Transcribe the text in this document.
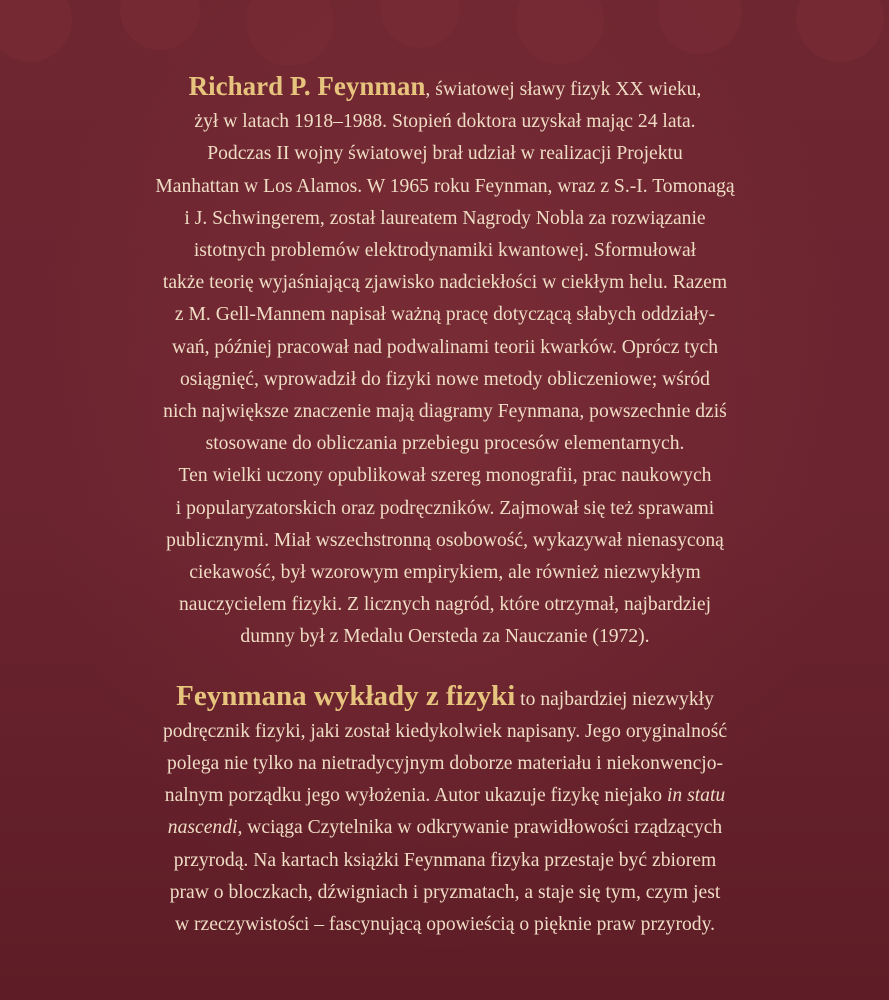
Richard P. Feynman, światowej sławy fizyk XX wieku,
żył w latach 1918–1988. Stopień doktora uzyskał mając 24 lata.
Podczas II wojny światowej brał udział w realizacji Projektu
Manhattan w Los Alamos. W 1965 roku Feynman, wraz z S.-I. Tomonagą
i J. Schwingerem, został laureatem Nagrody Nobla za rozwiązanie
istotnych problemów elektrodynamiki kwantowej. Sformułował
także teorię wyjaśniającą zjawisko nadciekłości w ciekłym helu. Razem
z M. Gell-Mannem napisał ważną pracę dotyczącą słabych oddziały-
wań, później pracował nad podwalinami teorii kwarków. Oprócz tych
osiągnięć, wprowadził do fizyki nowe metody obliczeniowe; wśród
nich największe znaczenie mają diagramy Feynmana, powszechnie dziś
stosowane do obliczania przebiegu procesów elementarnych.
Ten wielki uczony opublikował szereg monografii, prac naukowych
i popularyzatorskich oraz podręczników. Zajmował się też sprawami
publicznymi. Miał wszechstronną osobowość, wykazywał nienasyconą
ciekawość, był wzorowym empirykiem, ale również niezwykłym
nauczycielem fizyki. Z licznych nagród, które otrzymał, najbardziej
dumny był z Medalu Oersteda za Nauczanie (1972).

Feynmana wykłady z fizyki to najbardziej niezwykły
podręcznik fizyki, jaki został kiedykolwiek napisany. Jego oryginalność
polega nie tylko na nietradycyjnym doborze materiału i niekonwencjo-
nalnym porządku jego wyłożenia. Autor ukazuje fizykę niejako in statu
nascendi, wciąga Czytelnika w odkrywanie prawidłowości rządzących
przyrodą. Na kartach książki Feynmana fizyka przestaje być zbiorem
praw o bloczkach, dźwigniach i pryzmatach, a staje się tym, czym jest
w rzeczywistości – fascynującą opowieścią o pięknie praw przyrody.
